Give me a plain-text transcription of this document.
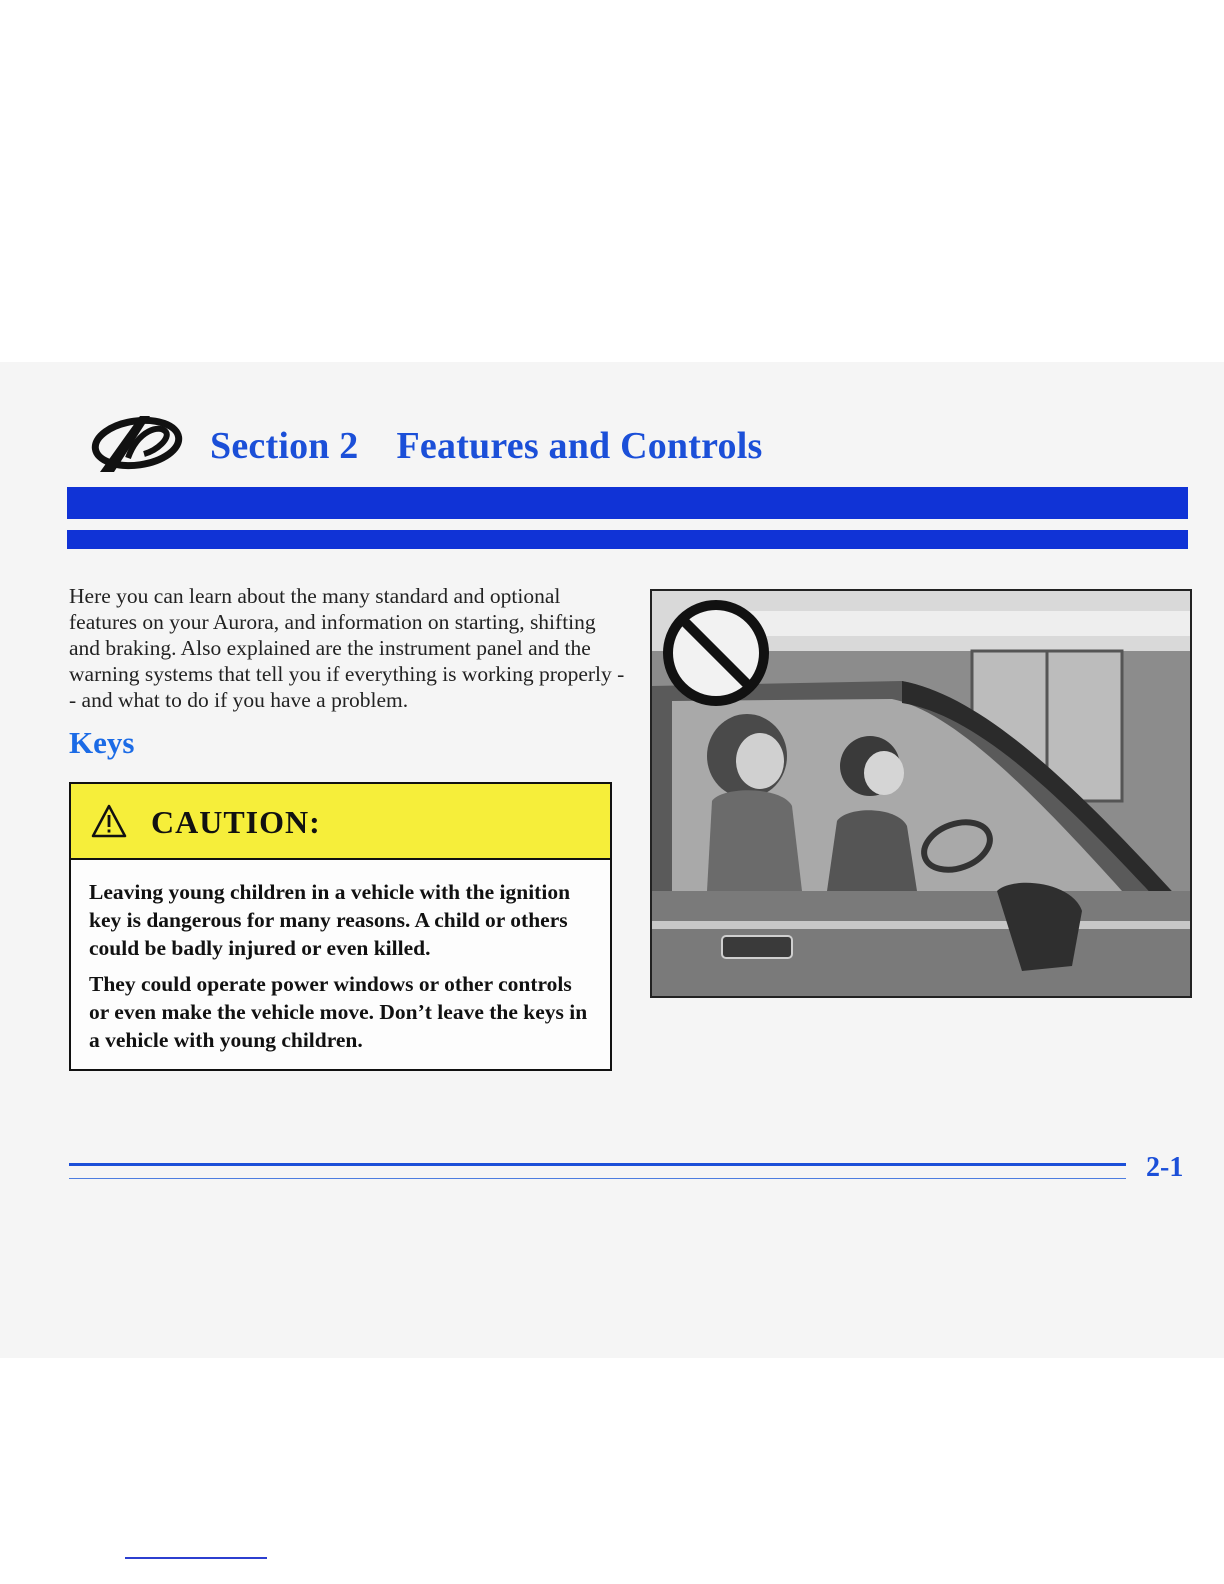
Section 2 Features and Controls

Here you can learn about the many standard and optional features on your Aurora, and information on starting, shifting and braking. Also explained are the instrument panel and the warning systems that tell you if everything is working properly -- and what to do if you have a problem.

Keys
CAUTION:

Leaving young children in a vehicle with the ignition key is dangerous for many reasons. A child or others could be badly injured or even killed.

They could operate power windows or other controls or even make the vehicle move. Don’t leave the keys in a vehicle with young children.

2-1
